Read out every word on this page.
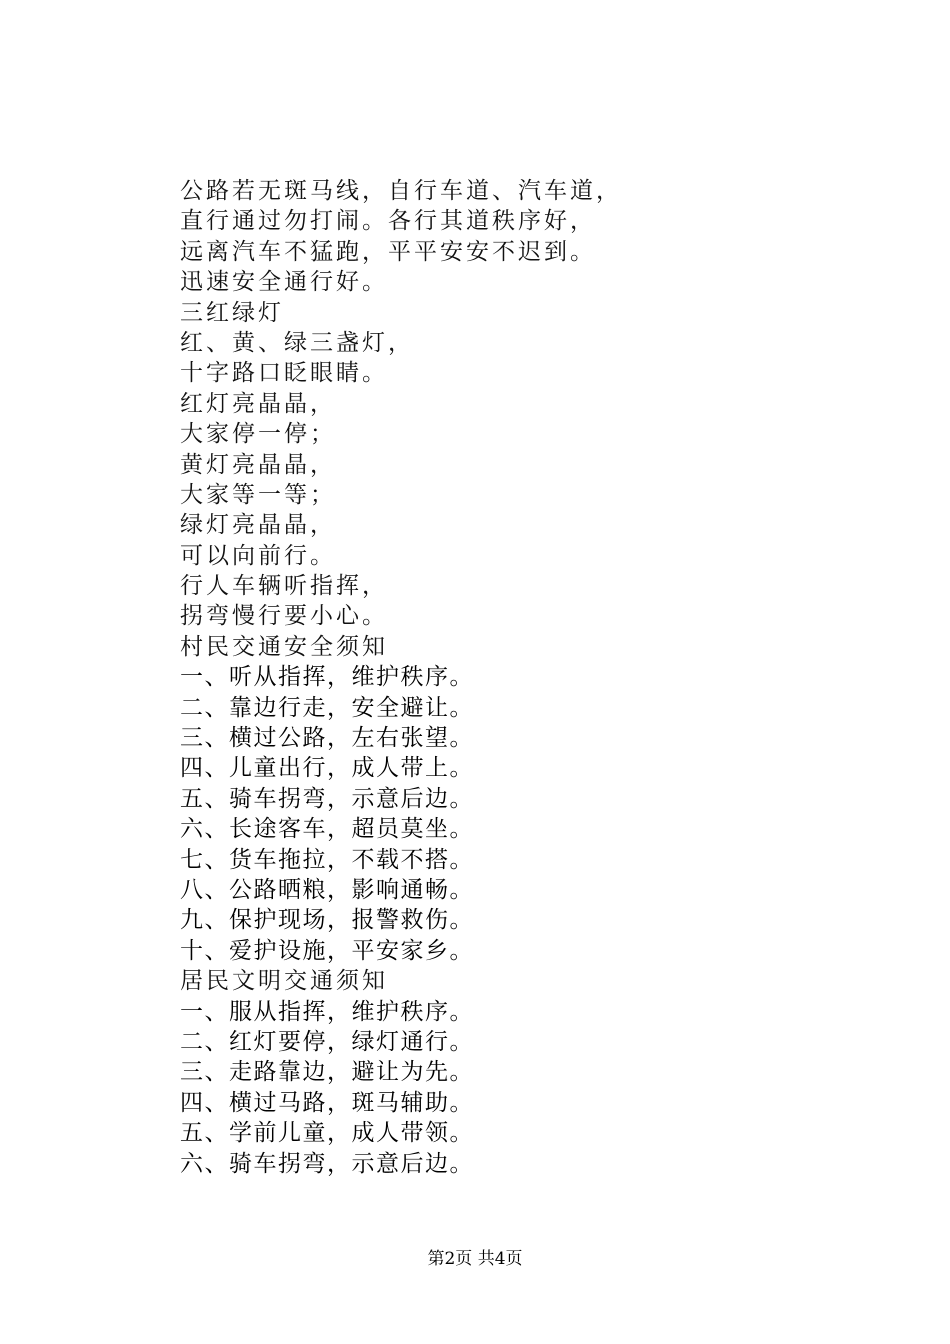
公路若无斑马线，自行车道、汽车道，
直行通过勿打闹。各行其道秩序好，
远离汽车不猛跑，平平安安不迟到。
迅速安全通行好。
三红绿灯
红、黄、绿三盏灯，
十字路口眨眼睛。
红灯亮晶晶，
大家停一停；
黄灯亮晶晶，
大家等一等；
绿灯亮晶晶，
可以向前行。
行人车辆听指挥，
拐弯慢行要小心。
村民交通安全须知
一、听从指挥，维护秩序。
二、靠边行走，安全避让。
三、横过公路，左右张望。
四、儿童出行，成人带上。
五、骑车拐弯，示意后边。
六、长途客车，超员莫坐。
七、货车拖拉，不载不搭。
八、公路晒粮，影响通畅。
九、保护现场，报警救伤。
十、爱护设施，平安家乡。
居民文明交通须知
一、服从指挥，维护秩序。
二、红灯要停，绿灯通行。
三、走路靠边，避让为先。
四、横过马路，斑马辅助。
五、学前儿童，成人带领。
六、骑车拐弯，示意后边。
第2页 共4页
